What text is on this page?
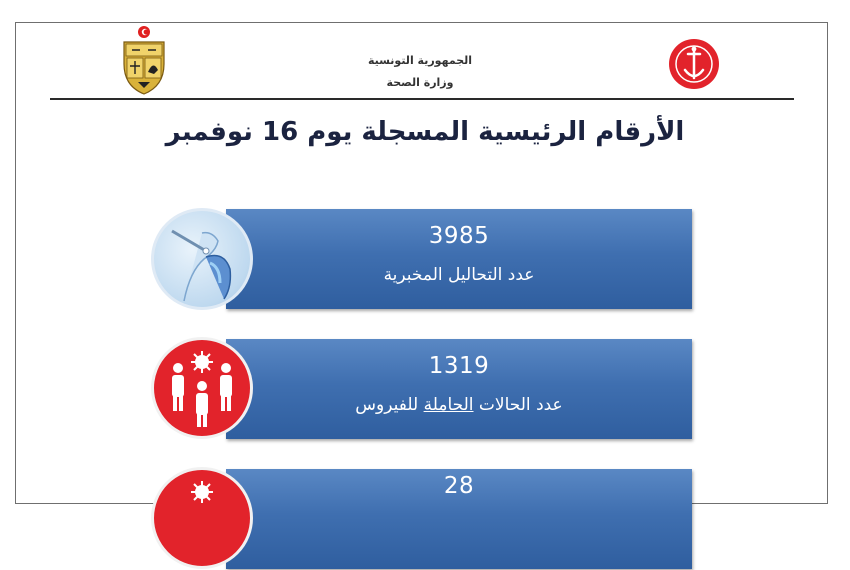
الجمهورية التونسية
وزارة الصحة
الأرقام الرئيسية المسجلة يوم 16 نوفمبر
3985
عدد التحاليل المخبرية
1319
عدد الحالات الحاملة للفيروس
28
